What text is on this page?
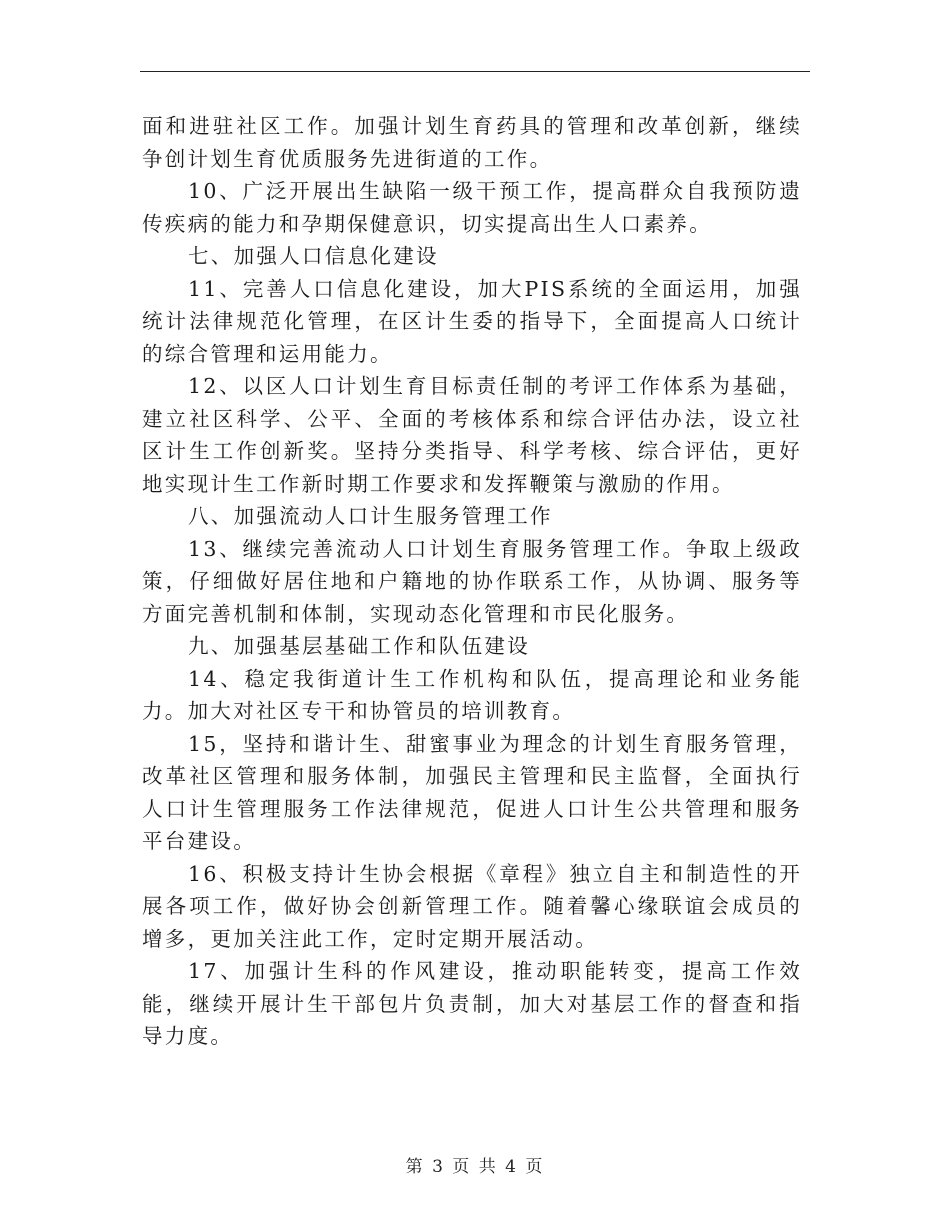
面和进驻社区工作。加强计划生育药具的管理和改革创新，继续争创计划生育优质服务先进街道的工作。

10、广泛开展出生缺陷一级干预工作，提高群众自我预防遗传疾病的能力和孕期保健意识，切实提高出生人口素养。

七、加强人口信息化建设

11、完善人口信息化建设，加大PIS系统的全面运用，加强统计法律规范化管理，在区计生委的指导下，全面提高人口统计的综合管理和运用能力。

12、以区人口计划生育目标责任制的考评工作体系为基础，建立社区科学、公平、全面的考核体系和综合评估办法，设立社区计生工作创新奖。坚持分类指导、科学考核、综合评估，更好地实现计生工作新时期工作要求和发挥鞭策与激励的作用。

八、加强流动人口计生服务管理工作

13、继续完善流动人口计划生育服务管理工作。争取上级政策，仔细做好居住地和户籍地的协作联系工作，从协调、服务等方面完善机制和体制，实现动态化管理和市民化服务。

九、加强基层基础工作和队伍建设

14、稳定我街道计生工作机构和队伍，提高理论和业务能力。加大对社区专干和协管员的培训教育。

15，坚持和谐计生、甜蜜事业为理念的计划生育服务管理，改革社区管理和服务体制，加强民主管理和民主监督，全面执行人口计生管理服务工作法律规范，促进人口计生公共管理和服务平台建设。

16、积极支持计生协会根据《章程》独立自主和制造性的开展各项工作，做好协会创新管理工作。随着馨心缘联谊会成员的增多，更加关注此工作，定时定期开展活动。

17、加强计生科的作风建设，推动职能转变，提高工作效能，继续开展计生干部包片负责制，加大对基层工作的督查和指导力度。

第 3 页 共 4 页
